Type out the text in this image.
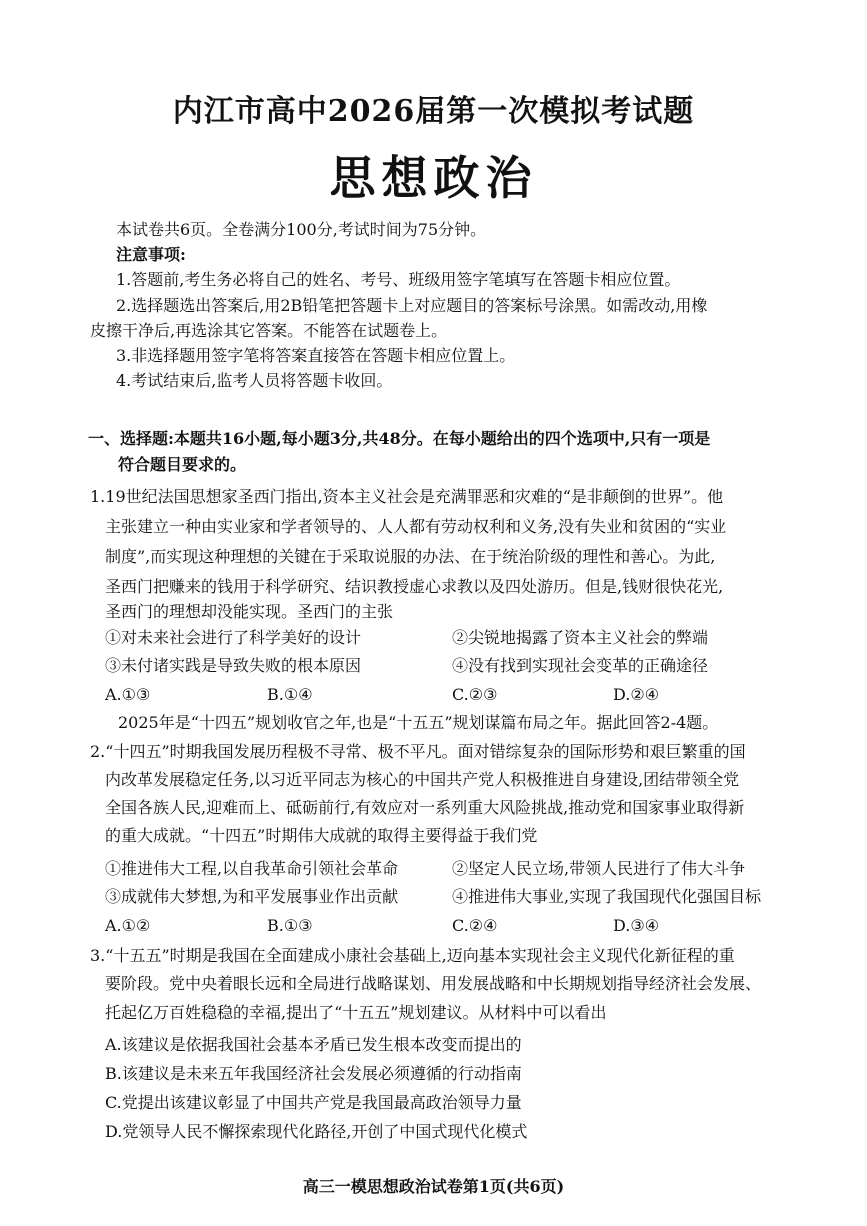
内江市高中2026届第一次模拟考试题
思想政治
本试卷共6页。全卷满分100分,考试时间为75分钟。
注意事项:
1.答题前,考生务必将自己的姓名、考号、班级用签字笔填写在答题卡相应位置。
2.选择题选出答案后,用2B铅笔把答题卡上对应题目的答案标号涂黑。如需改动,用橡
皮擦干净后,再选涂其它答案。不能答在试题卷上。
3.非选择题用签字笔将答案直接答在答题卡相应位置上。
4.考试结束后,监考人员将答题卡收回。
一、选择题:本题共16小题,每小题3分,共48分。在每小题给出的四个选项中,只有一项是
符合题目要求的。
1.19世纪法国思想家圣西门指出,资本主义社会是充满罪恶和灾难的“是非颠倒的世界”。他
主张建立一种由实业家和学者领导的、人人都有劳动权利和义务,没有失业和贫困的“实业
制度”,而实现这种理想的关键在于采取说服的办法、在于统治阶级的理性和善心。为此,
圣西门把赚来的钱用于科学研究、结识教授虚心求教以及四处游历。但是,钱财很快花光,
圣西门的理想却没能实现。圣西门的主张
①对未来社会进行了科学美好的设计	②尖锐地揭露了资本主义社会的弊端
③未付诸实践是导致失败的根本原因	④没有找到实现社会变革的正确途径
A.①③	B.①④	C.②③	D.②④
2025年是“十四五”规划收官之年,也是“十五五”规划谋篇布局之年。据此回答2-4题。
2.“十四五”时期我国发展历程极不寻常、极不平凡。面对错综复杂的国际形势和艰巨繁重的国
内改革发展稳定任务,以习近平同志为核心的中国共产党人积极推进自身建设,团结带领全党
全国各族人民,迎难而上、砥砺前行,有效应对一系列重大风险挑战,推动党和国家事业取得新
的重大成就。“十四五”时期伟大成就的取得主要得益于我们党
①推进伟大工程,以自我革命引领社会革命	②坚定人民立场,带领人民进行了伟大斗争
③成就伟大梦想,为和平发展事业作出贡献	④推进伟大事业,实现了我国现代化强国目标
A.①②	B.①③	C.②④	D.③④
3.“十五五”时期是我国在全面建成小康社会基础上,迈向基本实现社会主义现代化新征程的重
要阶段。党中央着眼长远和全局进行战略谋划、用发展战略和中长期规划指导经济社会发展、
托起亿万百姓稳稳的幸福,提出了“十五五”规划建议。从材料中可以看出
A.该建议是依据我国社会基本矛盾已发生根本改变而提出的
B.该建议是未来五年我国经济社会发展必须遵循的行动指南
C.党提出该建议彰显了中国共产党是我国最高政治领导力量
D.党领导人民不懈探索现代化路径,开创了中国式现代化模式
高三一模思想政治试卷第1页(共6页)
